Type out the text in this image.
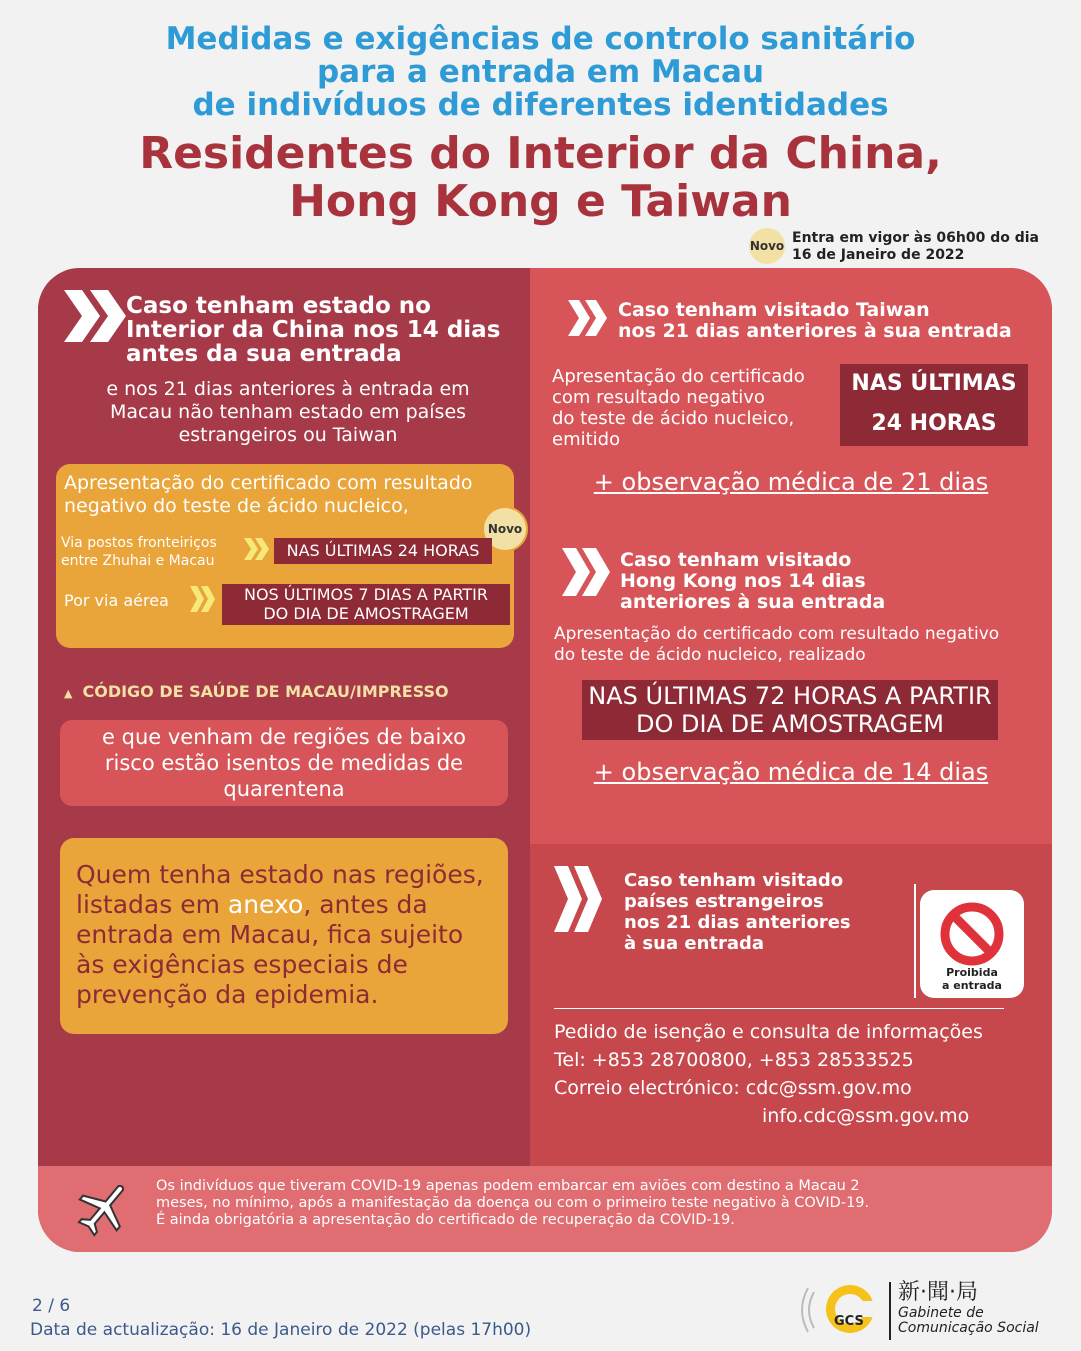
Medidas e exigências de controlo sanitário
para a entrada em Macau
de indivíduos de diferentes identidades
Residentes do Interior da China,
Hong Kong e Taiwan
Novo Entra em vigor às 06h00 do dia
16 de Janeiro de 2022
Caso tenham estado no
Interior da China nos 14 dias
antes da sua entrada
e nos 21 dias anteriores à entrada em
Macau não tenham estado em países
estrangeiros ou Taiwan
Apresentação do certificado com resultado
negativo do teste de ácido nucleico,
Novo
Via postos fronteiriços
entre Zhuhai e Macau
NAS ÚLTIMAS 24 HORAS
Por via aérea	NOS ÚLTIMOS 7 DIAS A PARTIR
DO DIA DE AMOSTRAGEM
▲ CÓDIGO DE SAÚDE DE MACAU/IMPRESSO
e que venham de regiões de baixo
risco estão isentos de medidas de
quarentena
Quem tenha estado nas regiões,
listadas em anexo, antes da
entrada em Macau, fica sujeito
às exigências especiais de
prevenção da epidemia.
Caso tenham visitado Taiwan
nos 21 dias anteriores à sua entrada
Apresentação do certificado
com resultado negativo
do teste de ácido nucleico,
emitido
NAS ÚLTIMAS
24 HORAS
+ observação médica de 21 dias
Caso tenham visitado
Hong Kong nos 14 dias
anteriores à sua entrada
Apresentação do certificado com resultado negativo
do teste de ácido nucleico, realizado
NAS ÚLTIMAS 72 HORAS A PARTIR
DO DIA DE AMOSTRAGEM
+ observação médica de 14 dias
Caso tenham visitado
países estrangeiros
nos 21 dias anteriores
à sua entrada
Proibida
a entrada
Pedido de isenção e consulta de informações
Tel: +853 28700800, +853 28533525
Correio electrónico: cdc@ssm.gov.mo
info.cdc@ssm.gov.mo
Os indivíduos que tiveram COVID-19 apenas podem embarcar em aviões com destino a Macau 2
meses, no mínimo, após a manifestação da doença ou com o primeiro teste negativo à COVID-19.
É ainda obrigatória a apresentação do certificado de recuperação da COVID-19.
2 / 6
Data de actualização: 16 de Janeiro de 2022 (pelas 17h00)	GCS
新·聞·局
Gabinete de
Comunicação Social
